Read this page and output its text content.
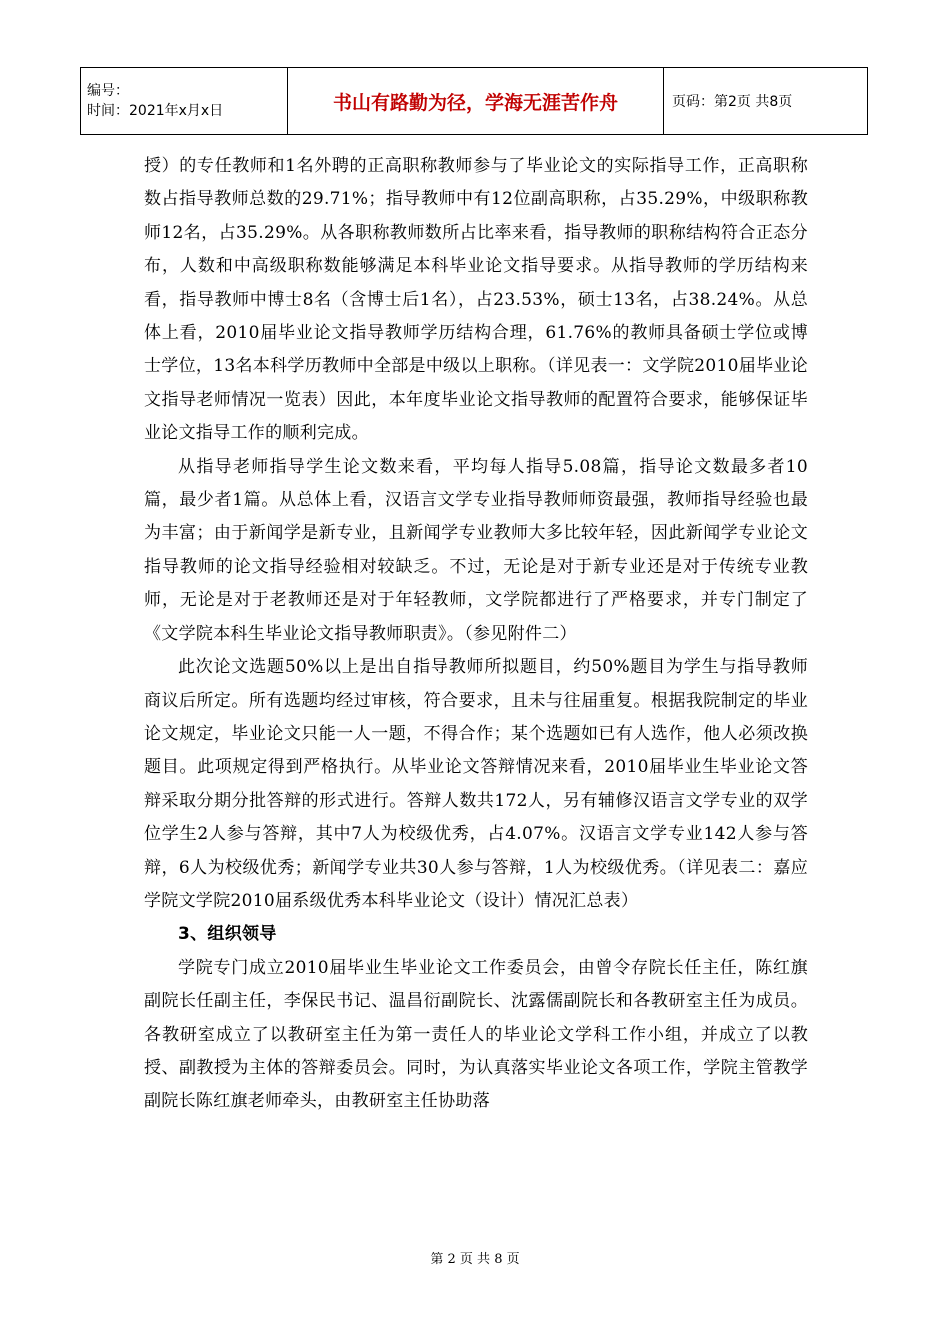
编号：
时间：2021年x月x日	书山有路勤为径，学海无涯苦作舟	页码：第2页 共8页

授）的专任教师和1名外聘的正高职称教师参与了毕业论文的实际指导工作，正高职称数占指导教师总数的29.71%；指导教师中有12位副高职称，占35.29%，中级职称教师12名，占35.29%。从各职称教师数所占比率来看，指导教师的职称结构符合正态分布，人数和中高级职称数能够满足本科毕业论文指导要求。从指导教师的学历结构来看，指导教师中博士8名（含博士后1名），占23.53%，硕士13名，占38.24%。从总体上看，2010届毕业论文指导教师学历结构合理，61.76%的教师具备硕士学位或博士学位，13名本科学历教师中全部是中级以上职称。（详见表一：文学院2010届毕业论文指导老师情况一览表）因此，本年度毕业论文指导教师的配置符合要求，能够保证毕业论文指导工作的顺利完成。

从指导老师指导学生论文数来看，平均每人指导5.08篇，指导论文数最多者10篇，最少者1篇。从总体上看，汉语言文学专业指导教师师资最强，教师指导经验也最为丰富；由于新闻学是新专业，且新闻学专业教师大多比较年轻，因此新闻学专业论文指导教师的论文指导经验相对较缺乏。不过，无论是对于新专业还是对于传统专业教师，无论是对于老教师还是对于年轻教师，文学院都进行了严格要求，并专门制定了《文学院本科生毕业论文指导教师职责》。（参见附件二）

此次论文选题50%以上是出自指导教师所拟题目，约50%题目为学生与指导教师商议后所定。所有选题均经过审核，符合要求，且未与往届重复。根据我院制定的毕业论文规定，毕业论文只能一人一题，不得合作；某个选题如已有人选作，他人必须改换题目。此项规定得到严格执行。从毕业论文答辩情况来看，2010届毕业生毕业论文答辩采取分期分批答辩的形式进行。答辩人数共172人，另有辅修汉语言文学专业的双学位学生2人参与答辩，其中7人为校级优秀，占4.07%。汉语言文学专业142人参与答辩，6人为校级优秀；新闻学专业共30人参与答辩，1人为校级优秀。（详见表二：嘉应学院文学院2010届系级优秀本科毕业论文（设计）情况汇总表）

3、组织领导

学院专门成立2010届毕业生毕业论文工作委员会，由曾令存院长任主任，陈红旗副院长任副主任，李保民书记、温昌衍副院长、沈露儒副院长和各教研室主任为成员。各教研室成立了以教研室主任为第一责任人的毕业论文学科工作小组，并成立了以教授、副教授为主体的答辩委员会。同时，为认真落实毕业论文各项工作，学院主管教学副院长陈红旗老师牵头，由教研室主任协助落

第 2 页 共 8 页
